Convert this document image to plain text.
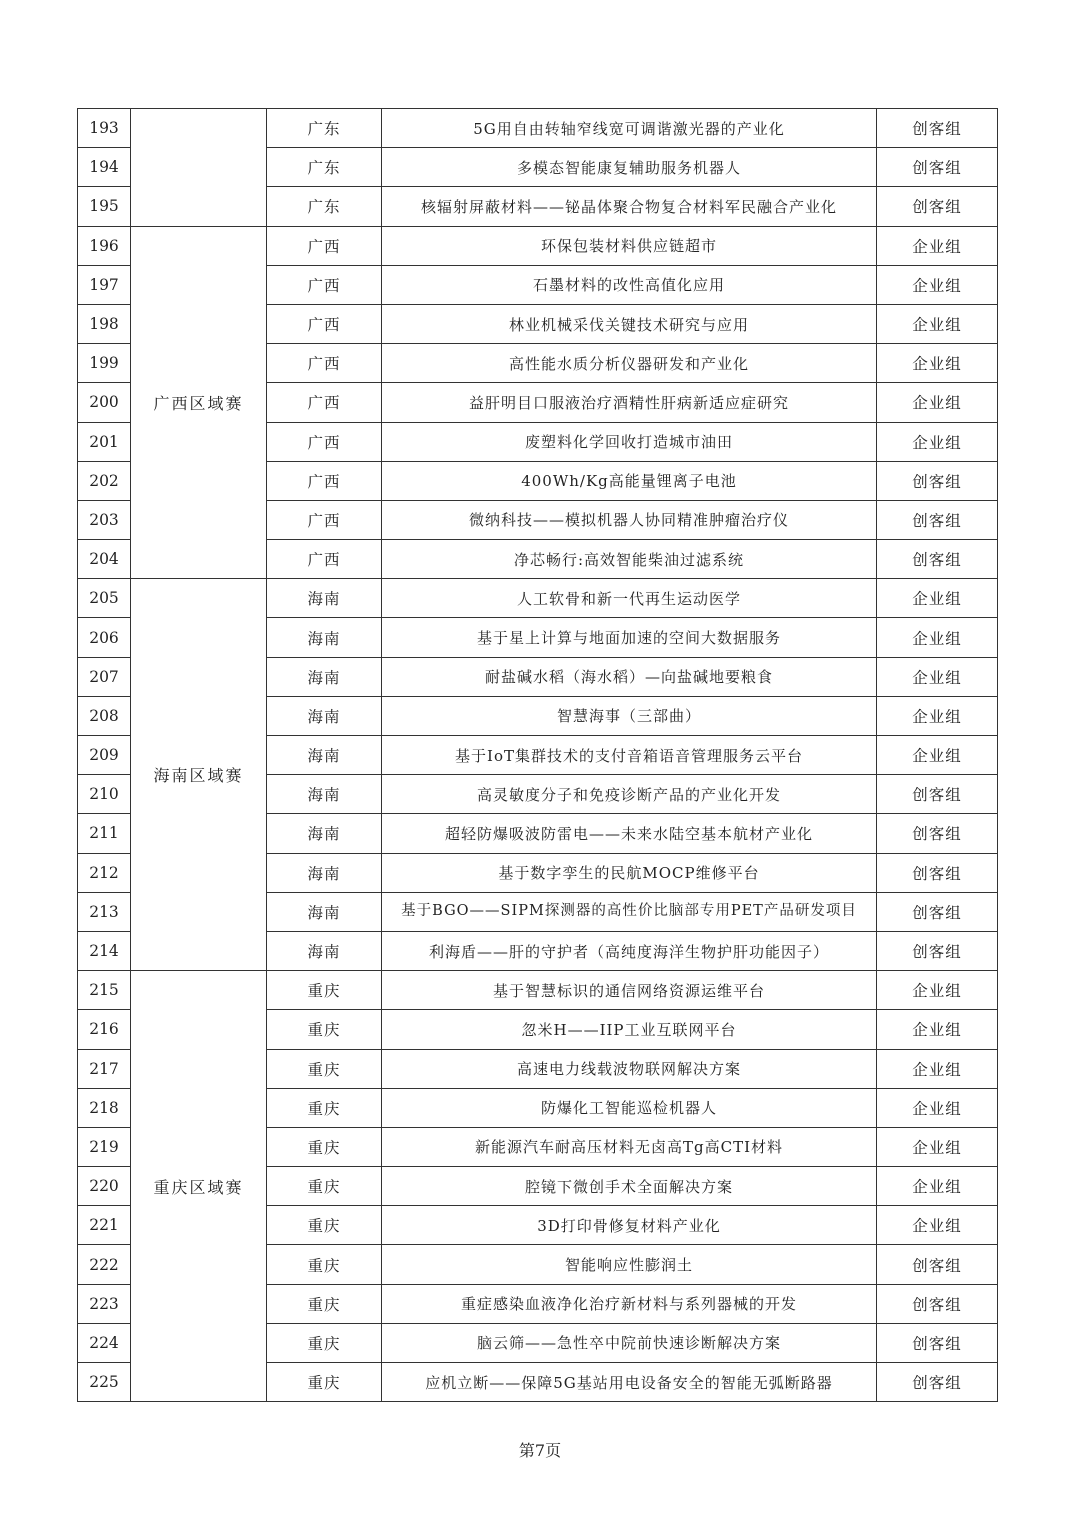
193		广东	5G用自由转轴窄线宽可调谐激光器的产业化	创客组
194		广东	多模态智能康复辅助服务机器人	创客组
195		广东	核辐射屏蔽材料——铋晶体聚合物复合材料军民融合产业化	创客组
196	广西区域赛	广西	环保包装材料供应链超市	企业组
197		广西	石墨材料的改性高值化应用	企业组
198		广西	林业机械采伐关键技术研究与应用	企业组
199		广西	高性能水质分析仪器研发和产业化	企业组
200		广西	益肝明目口服液治疗酒精性肝病新适应症研究	企业组
201		广西	废塑料化学回收打造城市油田	企业组
202		广西	400Wh/Kg高能量锂离子电池	创客组
203		广西	微纳科技——模拟机器人协同精准肿瘤治疗仪	创客组
204		广西	净芯畅行:高效智能柴油过滤系统	创客组
205	海南区域赛	海南	人工软骨和新一代再生运动医学	企业组
206		海南	基于星上计算与地面加速的空间大数据服务	企业组
207		海南	耐盐碱水稻（海水稻）—向盐碱地要粮食	企业组
208		海南	智慧海事（三部曲）	企业组
209		海南	基于IoT集群技术的支付音箱语音管理服务云平台	企业组
210		海南	高灵敏度分子和免疫诊断产品的产业化开发	创客组
211		海南	超轻防爆吸波防雷电——未来水陆空基本航材产业化	创客组
212		海南	基于数字孪生的民航MOCP维修平台	创客组
213		海南	基于BGO——SIPM探测器的高性价比脑部专用PET产品研发项目	创客组
214		海南	利海盾——肝的守护者（高纯度海洋生物护肝功能因子）	创客组
215	重庆区域赛	重庆	基于智慧标识的通信网络资源运维平台	企业组
216		重庆	忽米H——IIP工业互联网平台	企业组
217		重庆	高速电力线载波物联网解决方案	企业组
218		重庆	防爆化工智能巡检机器人	企业组
219		重庆	新能源汽车耐高压材料无卤高Tg高CTI材料	企业组
220		重庆	腔镜下微创手术全面解决方案	企业组
221		重庆	3D打印骨修复材料产业化	企业组
222		重庆	智能响应性膨润土	创客组
223		重庆	重症感染血液净化治疗新材料与系列器械的开发	创客组
224		重庆	脑云筛——急性卒中院前快速诊断解决方案	创客组
225		重庆	应机立断——保障5G基站用电设备安全的智能无弧断路器	创客组
第7页
